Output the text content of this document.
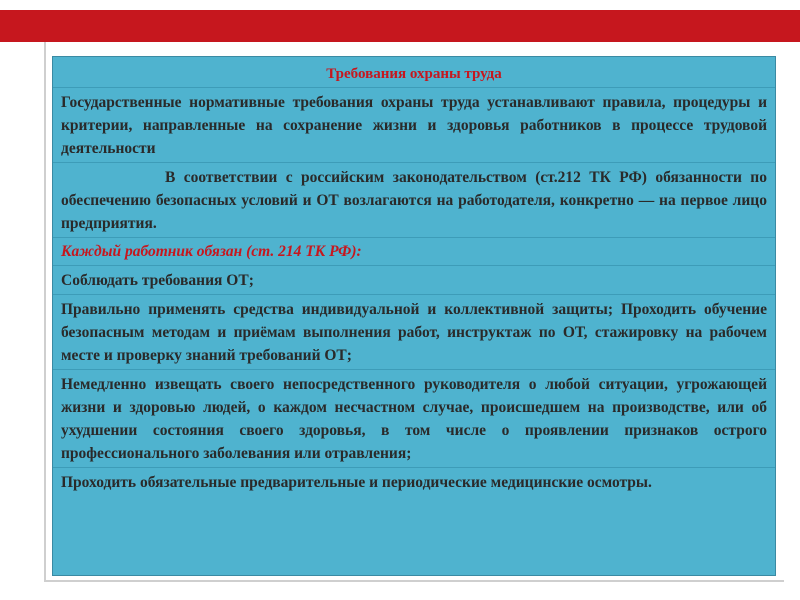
Требования охраны труда
Государственные нормативные требования охраны труда устанавливают правила, процедуры и критерии, направленные на сохранение жизни и здоровья работников в процессе трудовой деятельности
В соответствии с российским законодательством (ст.212 ТК РФ) обязанности по обеспечению безопасных условий и ОТ возлагаются на работодателя, конкретно — на первое лицо предприятия.
Каждый работник обязан (ст. 214 ТК РФ):
Соблюдать требования ОТ;
Правильно применять средства индивидуальной и коллективной защиты; Проходить обучение безопасным методам и приёмам выполнения работ, инструктаж по ОТ, стажировку на рабочем месте и проверку знаний требований ОТ;
Немедленно извещать своего непосредственного руководителя о любой ситуации, угрожающей жизни и здоровью людей, о каждом несчастном случае, происшедшем на производстве, или об ухудшении состояния своего здоровья, в том числе о проявлении признаков острого профессионального заболевания или отравления;
Проходить обязательные предварительные и периодические медицинские осмотры.
